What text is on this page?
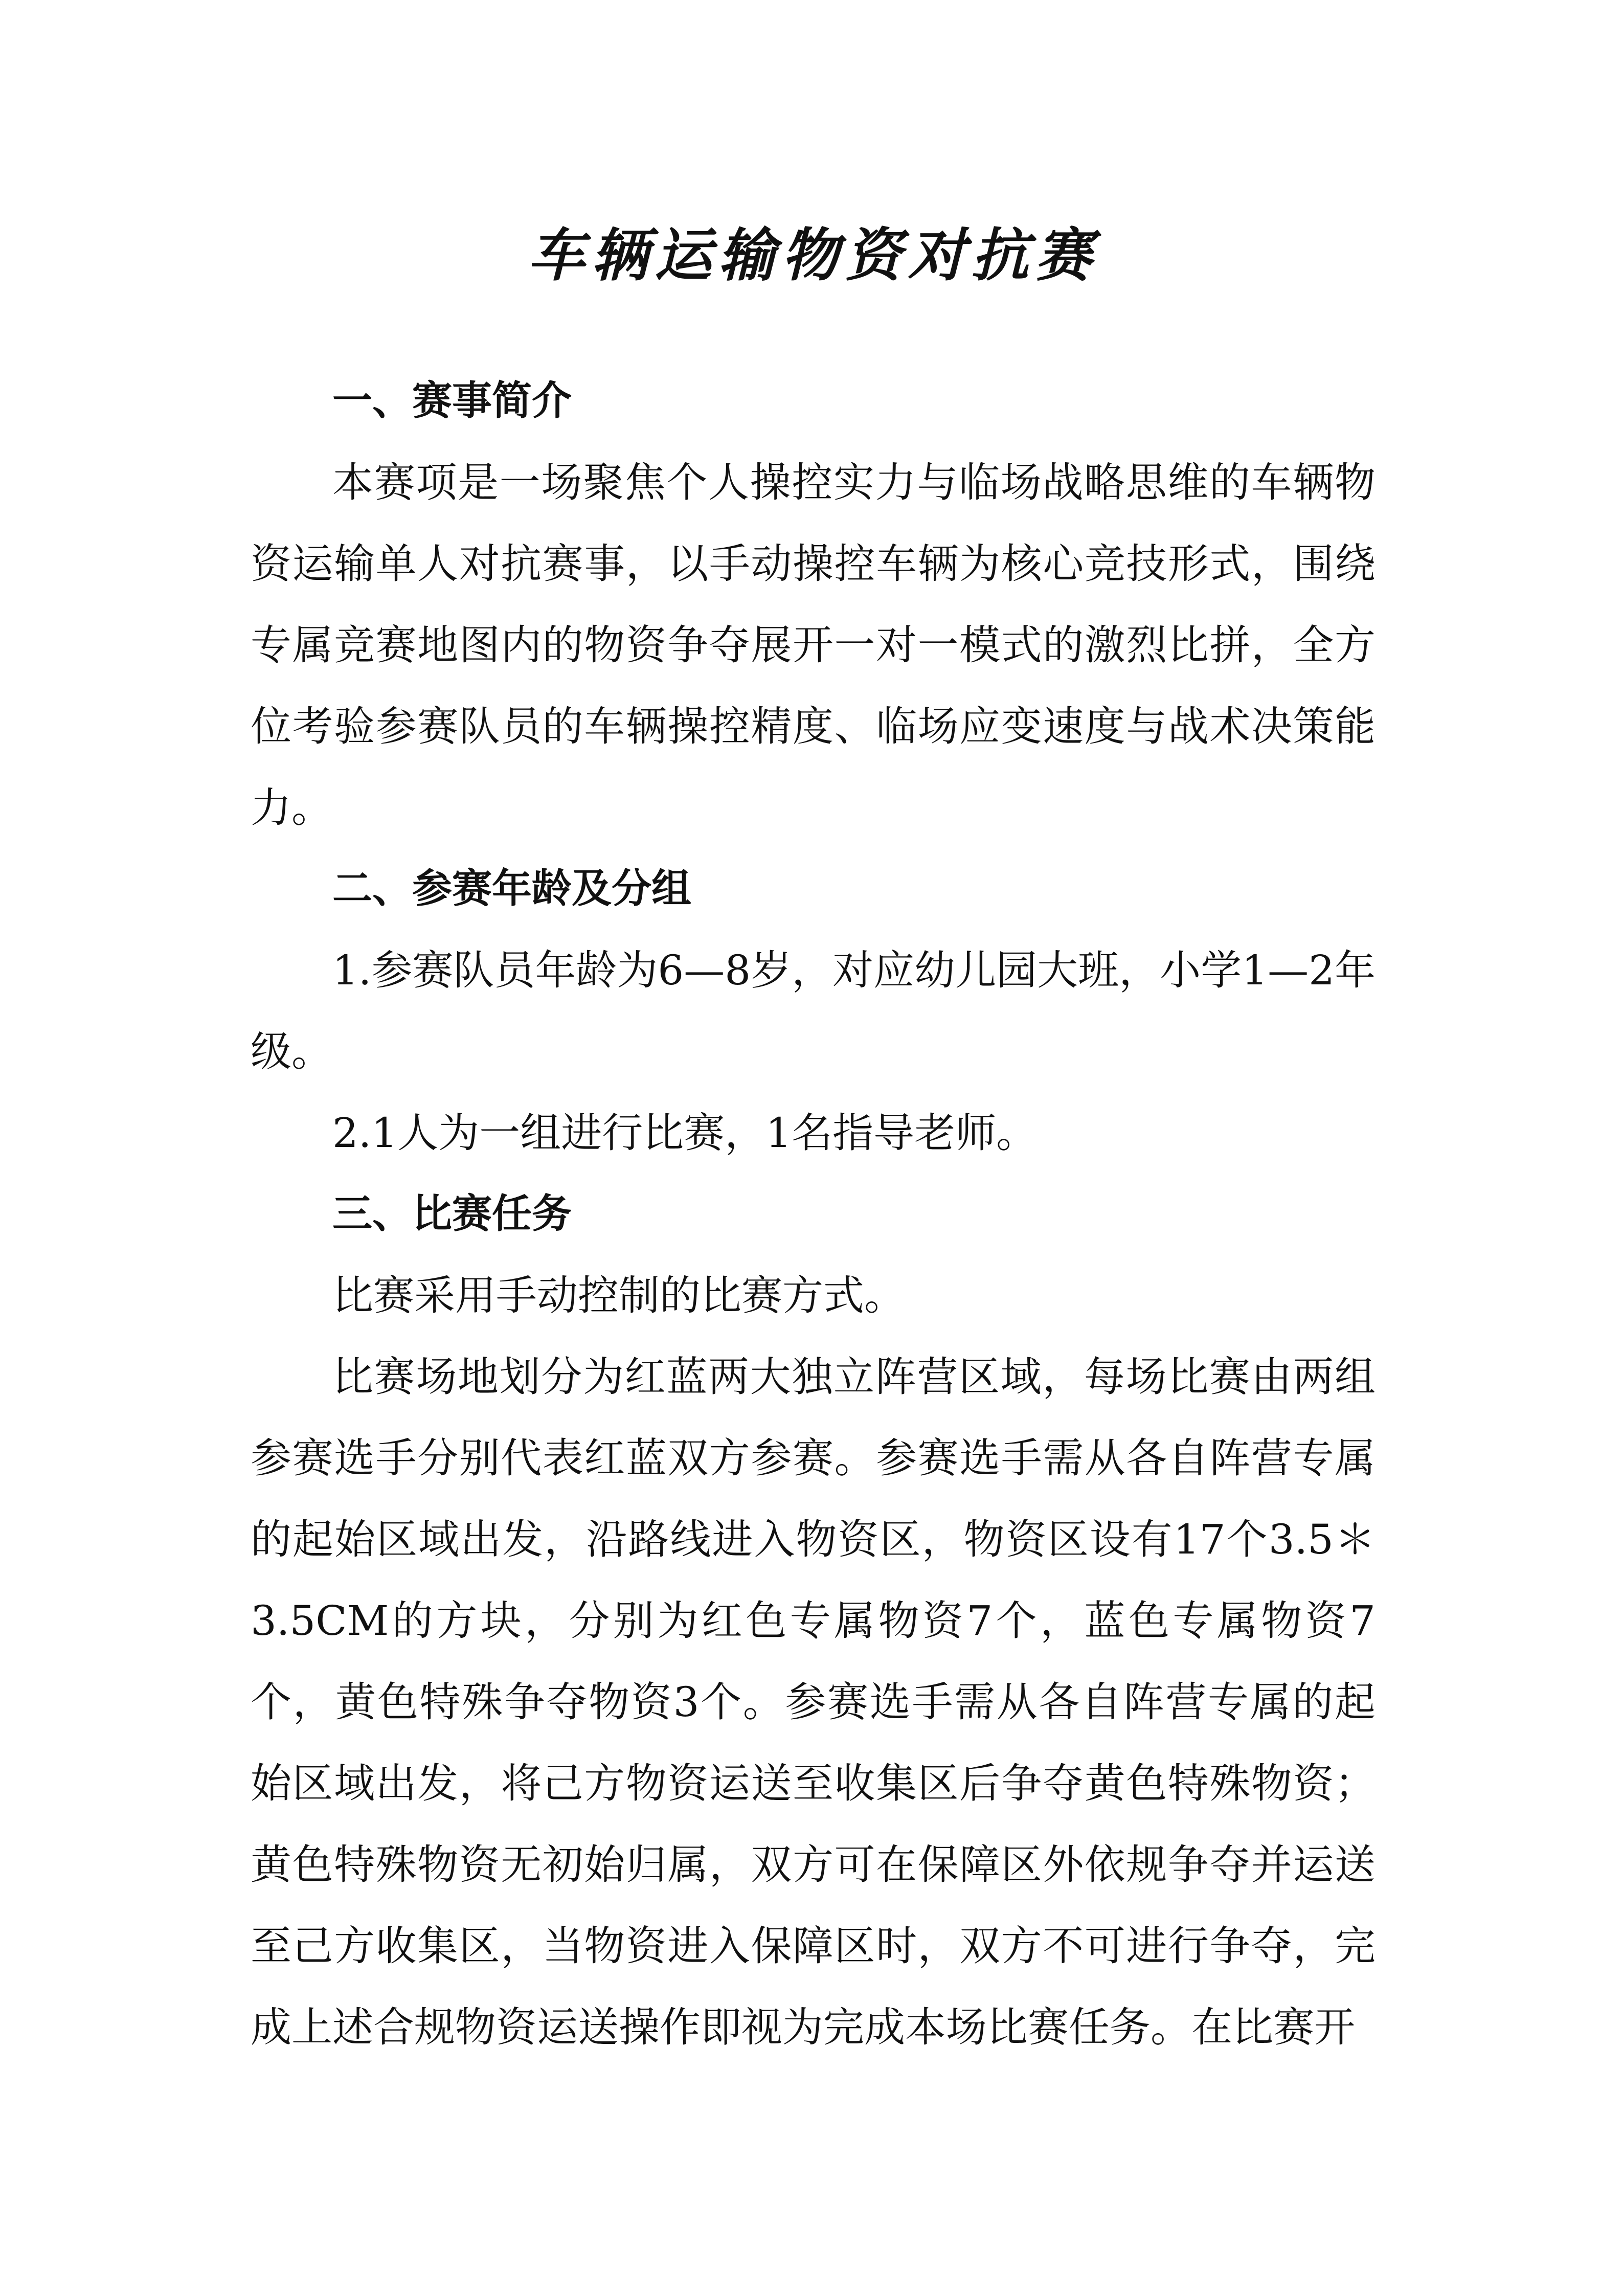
车辆运输物资对抗赛
一、赛事简介

本赛项是一场聚焦个人操控实力与临场战略思维的车辆物资运输单人对抗赛事，以手动操控车辆为核心竞技形式，围绕专属竞赛地图内的物资争夺展开一对一模式的激烈比拼，全方位考验参赛队员的车辆操控精度、临场应变速度与战术决策能力。

二、参赛年龄及分组

1.参赛队员年龄为6—8岁，对应幼儿园大班，小学1—2年级。

2.1人为一组进行比赛，1名指导老师。

三、比赛任务

比赛采用手动控制的比赛方式。

比赛场地划分为红蓝两大独立阵营区域，每场比赛由两组参赛选手分别代表红蓝双方参赛。参赛选手需从各自阵营专属的起始区域出发，沿路线进入物资区，物资区设有17个3.5＊3.5CM的方块，分别为红色专属物资7个，蓝色专属物资7个，黄色特殊争夺物资3个。参赛选手需从各自阵营专属的起始区域出发，将己方物资运送至收集区后争夺黄色特殊物资；黄色特殊物资无初始归属，双方可在保障区外依规争夺并运送至己方收集区，当物资进入保障区时，双方不可进行争夺，完成上述合规物资运送操作即视为完成本场比赛任务。在比赛开
